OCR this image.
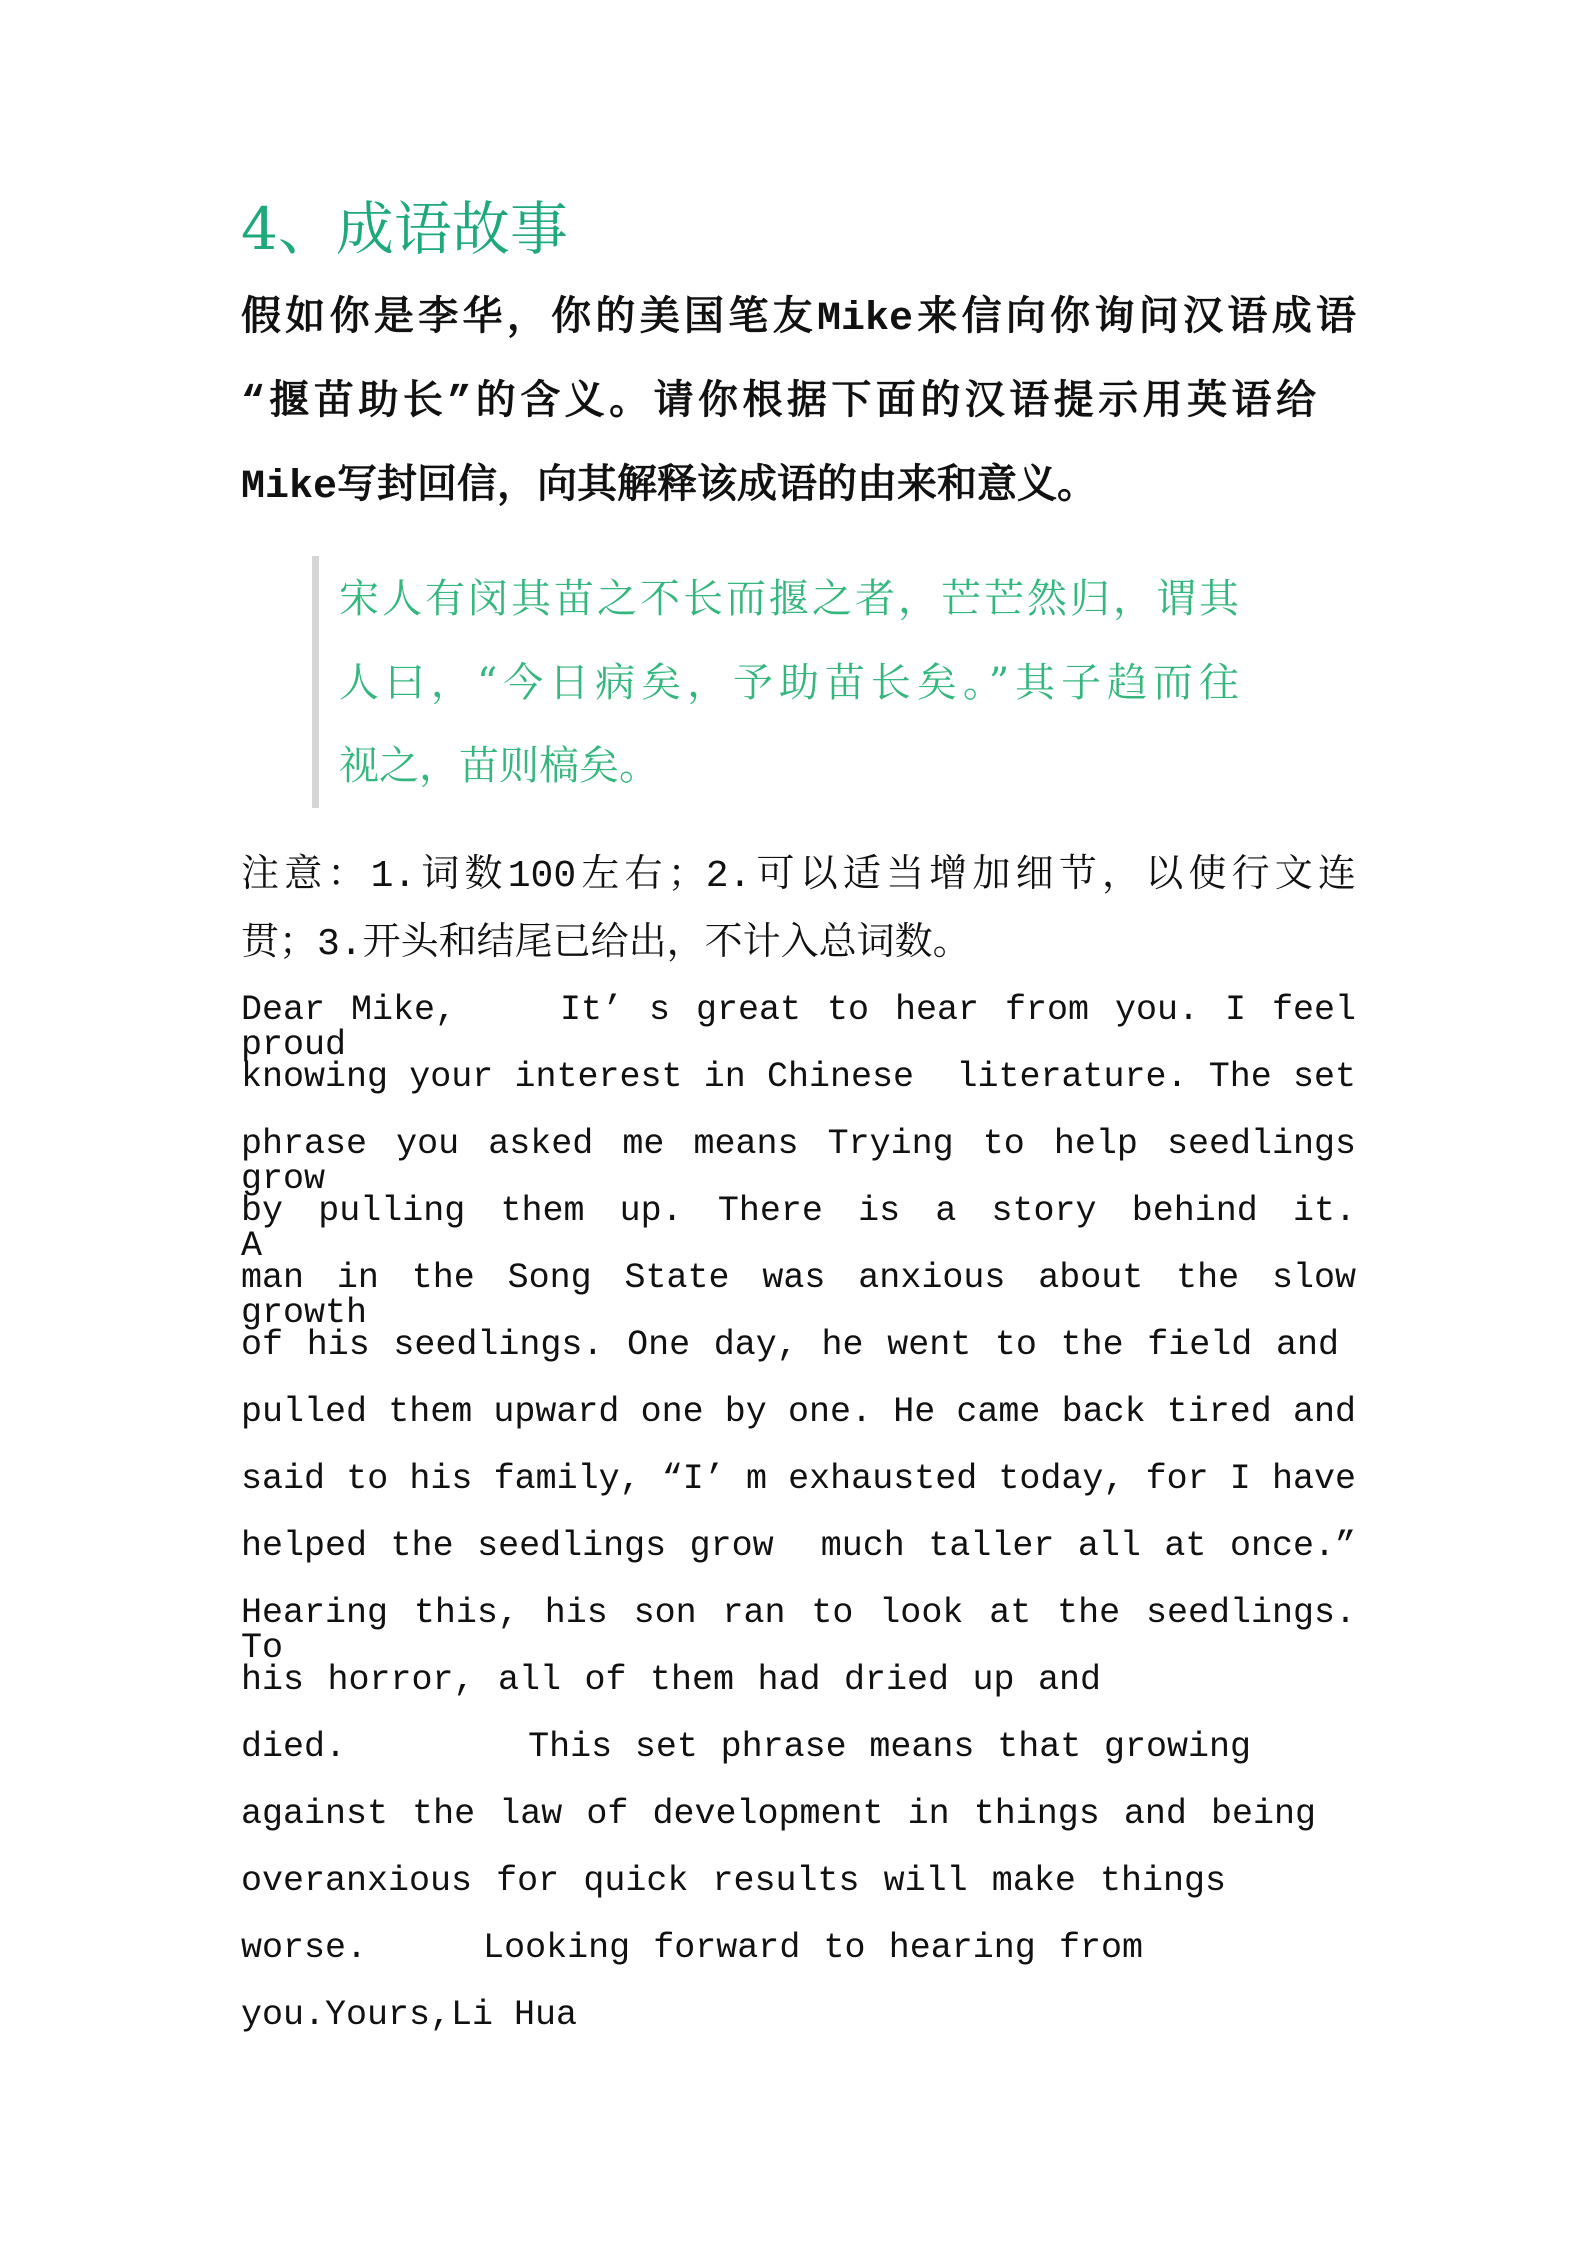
4、成语故事
假如你是李华，你的美国笔友Mike来信向你询问汉语成语
“揠苗助长”的含义。请你根据下面的汉语提示用英语给
Mike写封回信，向其解释该成语的由来和意义。
宋人有闵其苗之不长而揠之者，芒芒然归，谓其
人曰，“今日病矣，予助苗长矣。”其子趋而往
视之，苗则槁矣。
注意：1.词数100左右；2.可以适当增加细节，以使行文连
贯；3.开头和结尾已给出，不计入总词数。
Dear Mike,    It’ s great to hear from you. I feel proud
knowing your interest in Chinese  literature. The set
phrase you asked me means Trying to help seedlings grow
by pulling them up. There is a story behind it.      A
man in the Song State was anxious about the slow growth
of his seedlings. One day, he went to the field and
pulled them upward one by one. He came back tired and
said to his family, “I’ m exhausted today, for I have
helped the seedlings grow  much taller all at once.”
Hearing this, his son ran to look at the seedlings. To
his horror, all of them had dried up and
died.        This set phrase means that growing
against the law of development in things and being
overanxious for quick results will make things
worse.     Looking forward to hearing from
you.Yours,Li Hua
